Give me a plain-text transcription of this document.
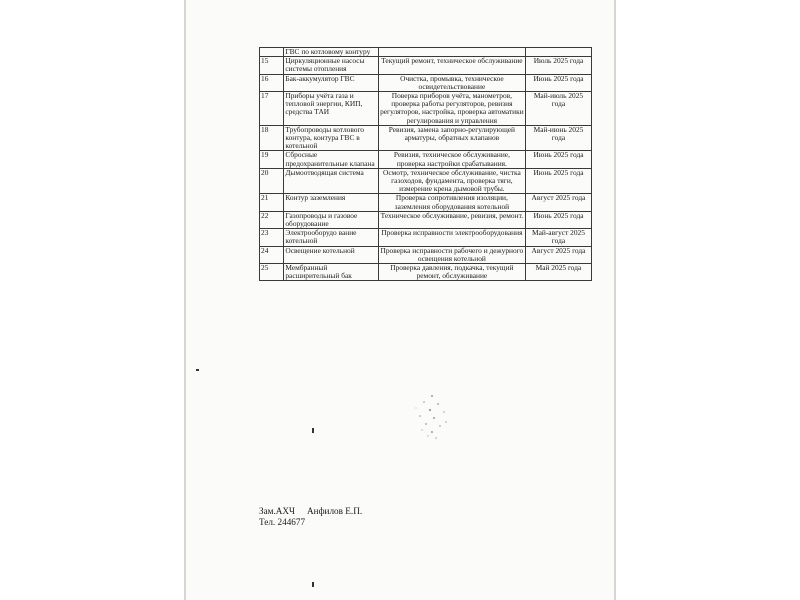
	ГВС по котловому контуру		
15	Циркуляционные насосы системы отопления	Текущий ремонт, техническое обслуживание	Июль 2025 года
16	Бак-аккумулятор ГВС	Очистка, промывка, техническое освидетельствование	Июнь 2025 года
17	Приборы учёта газа и тепловой энергии, КИП, средства ТАИ	Поверка приборов учёта, манометров, проверка работы регуляторов, ревизия регуляторов, настройка, проверка автоматики регулирования и управления	Май-июль 2025 года
18	Трубопроводы котлового контура, контура ГВС в котельной	Ревизия, замена запорно-регулирующей арматуры, обратных клапанов	Май-июнь 2025 года
19	Сбросные предохранительные клапана	Ревизия, техническое обслуживание, проверка настройки срабатывания.	Июнь 2025 года
20	Дымоотводящая система	Осмотр, техническое обслуживание, чистка газоходов, фундамента, проверка тяги, измерение крена дымовой трубы.	Июнь 2025 года
21	Контур заземления	Проверка сопротивления изоляции, заземления оборудования котельной	Август 2025 года
22	Газопроводы и газовое оборудование	Техническое обслуживание, ревизия, ремонт.	Июнь 2025 года
23	Электрооборудо вание котельной	Проверка исправности электрооборудования	Май-август 2025 года
24	Освещение котельной	Проверка исправности рабочего и дежурного освещения котельной	Август 2025 года
25	Мембранный расширительный бак	Проверка давления, подкачка, текущий ремонт, обслуживание	Май 2025 года
Зам.АХЧ Анфилов Е.П.
Тел. 244677
